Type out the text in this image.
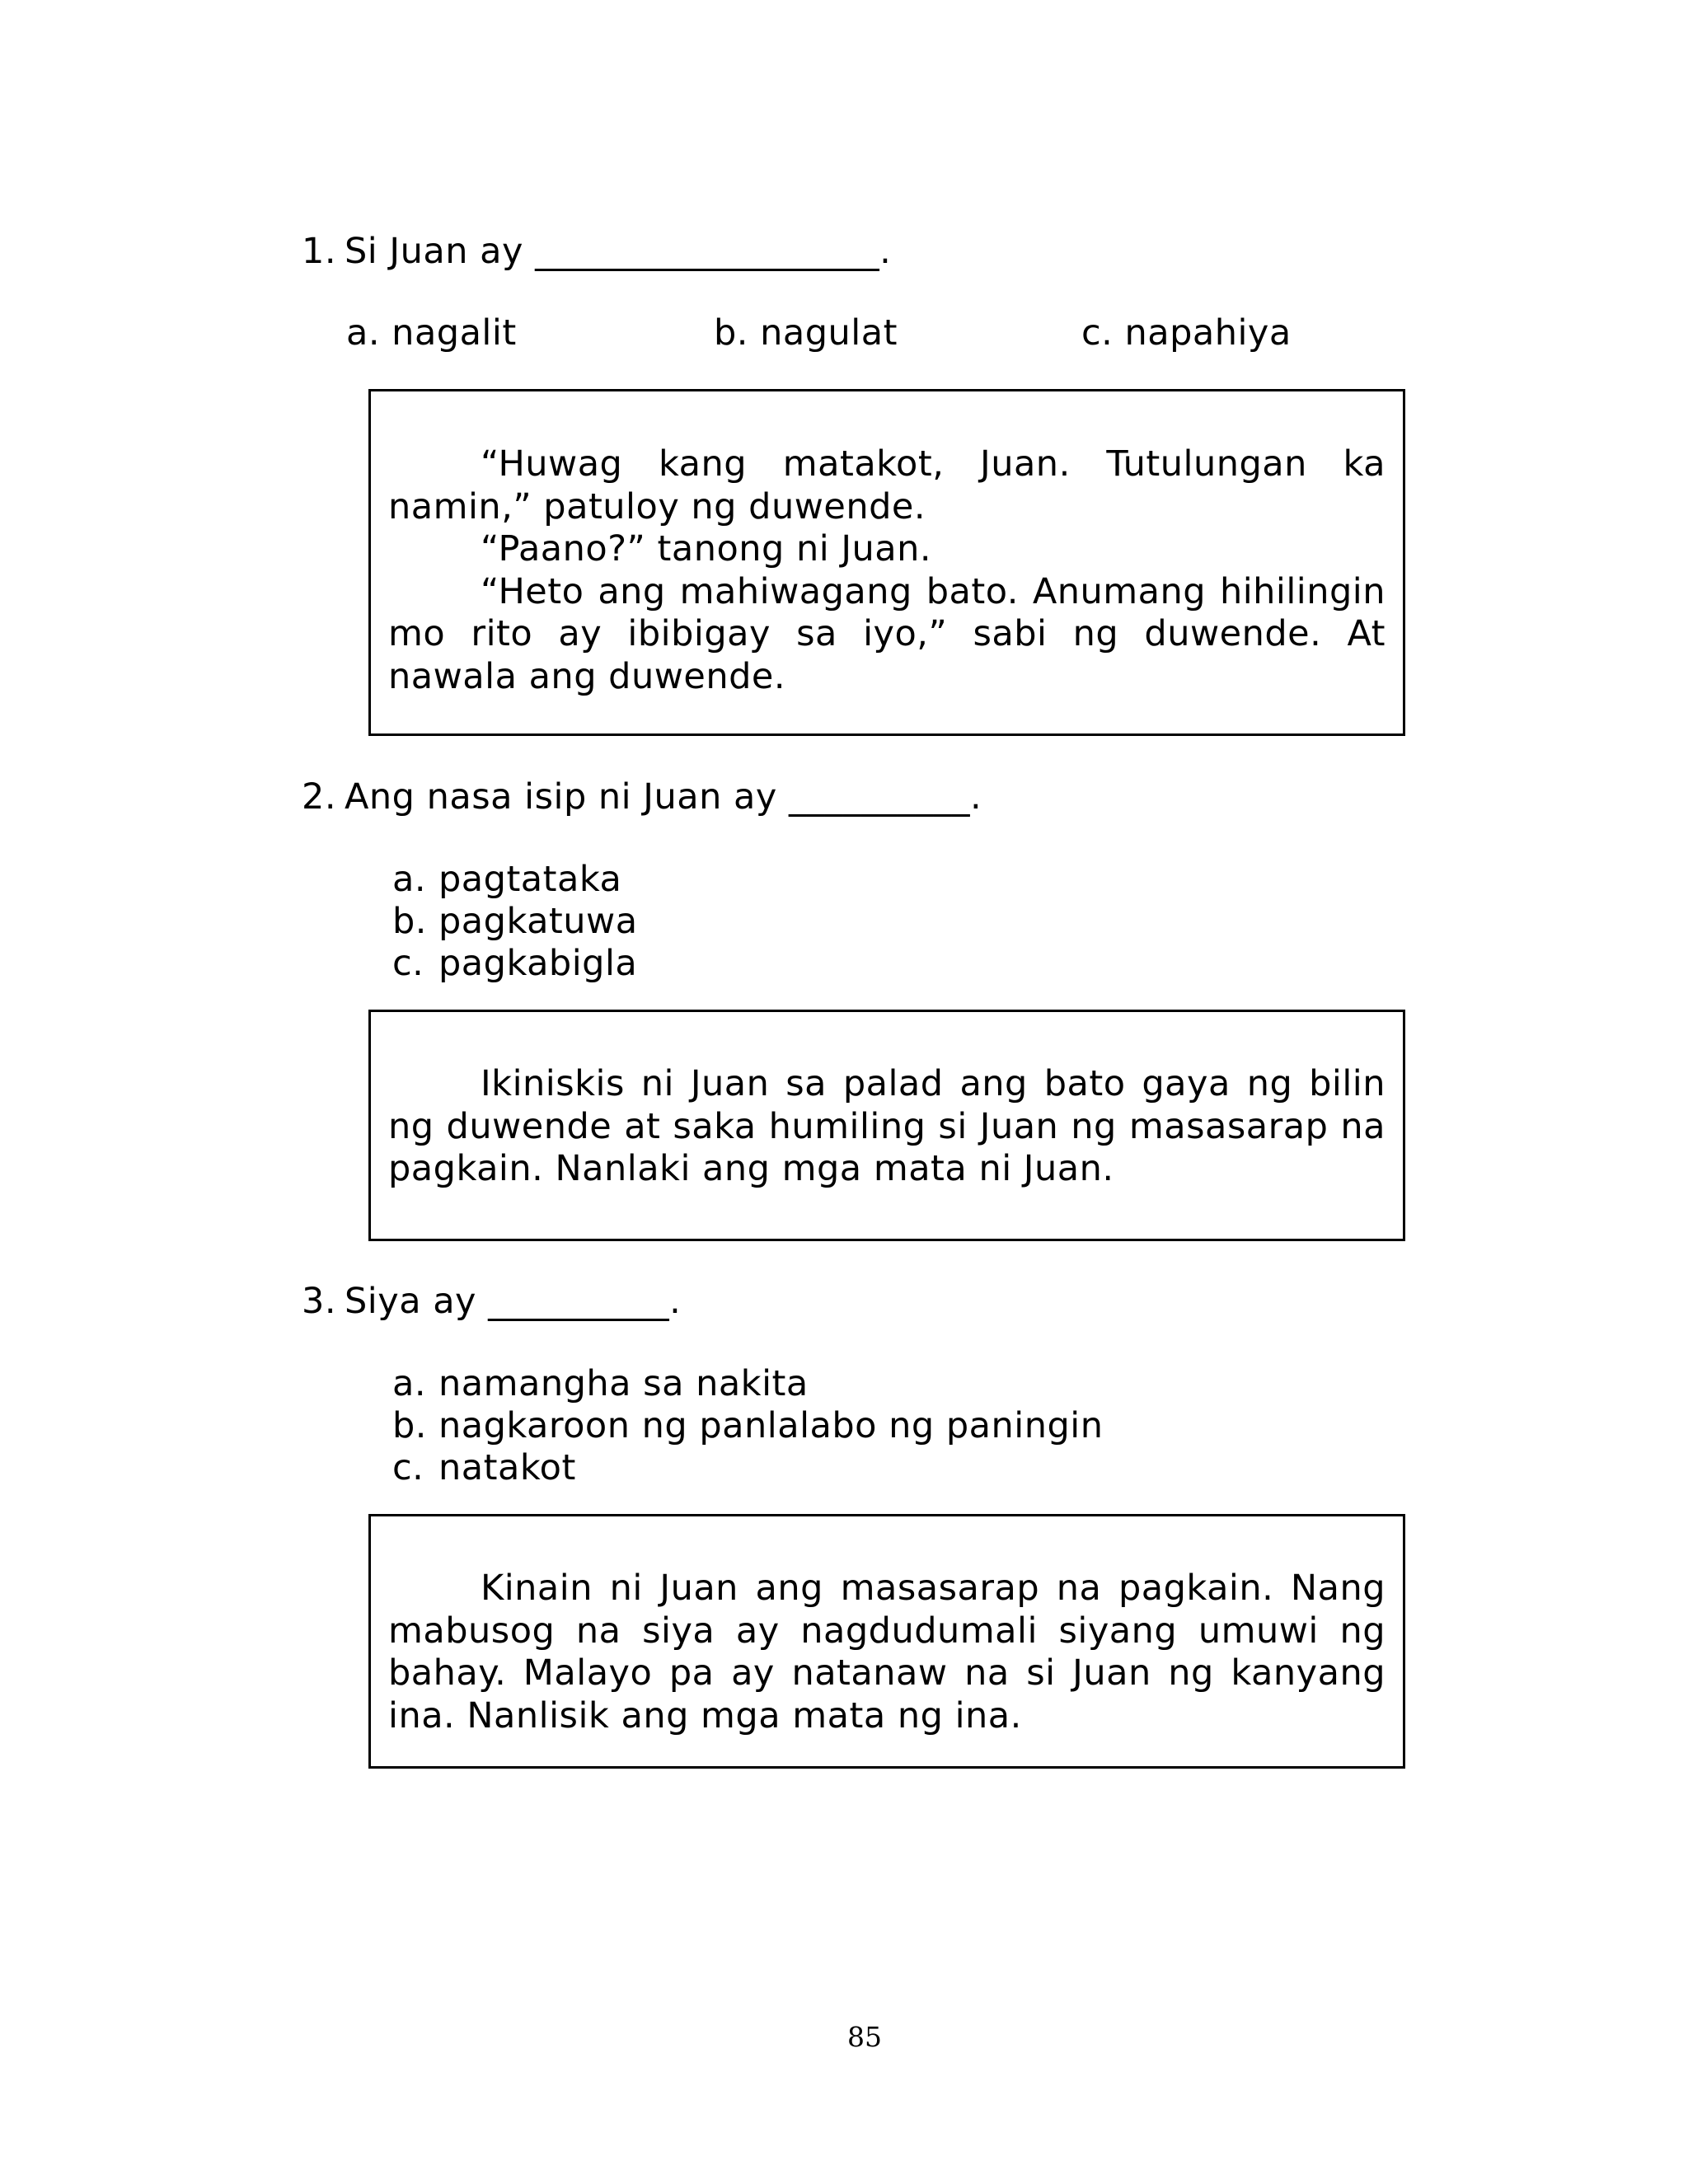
1. Si Juan ay ___________________.
a. nagalit	b. nagulat	c. napahiya

“Huwag kang matakot, Juan. Tutulungan ka namin,” patuloy ng duwende.

“Paano?” tanong ni Juan.

“Heto ang mahiwagang bato. Anumang hihilingin mo rito ay ibibigay sa iyo,” sabi ng duwende. At nawala ang duwende.

2. Ang nasa isip ni Juan ay __________.
a. pagtataka
b. pagkatuwa
c. pagkabigla

Ikiniskis ni Juan sa palad ang bato gaya ng bilin ng duwende at saka humiling si Juan ng masasarap na pagkain. Nanlaki ang mga mata ni Juan.

3. Siya ay __________.
a. namangha sa nakita
b. nagkaroon ng panlalabo ng paningin
c. natakot

Kinain ni Juan ang masasarap na pagkain. Nang mabusog na siya ay nagdudumali siyang umuwi ng bahay. Malayo pa ay natanaw na si Juan ng kanyang ina. Nanlisik ang mga mata ng ina.

85
